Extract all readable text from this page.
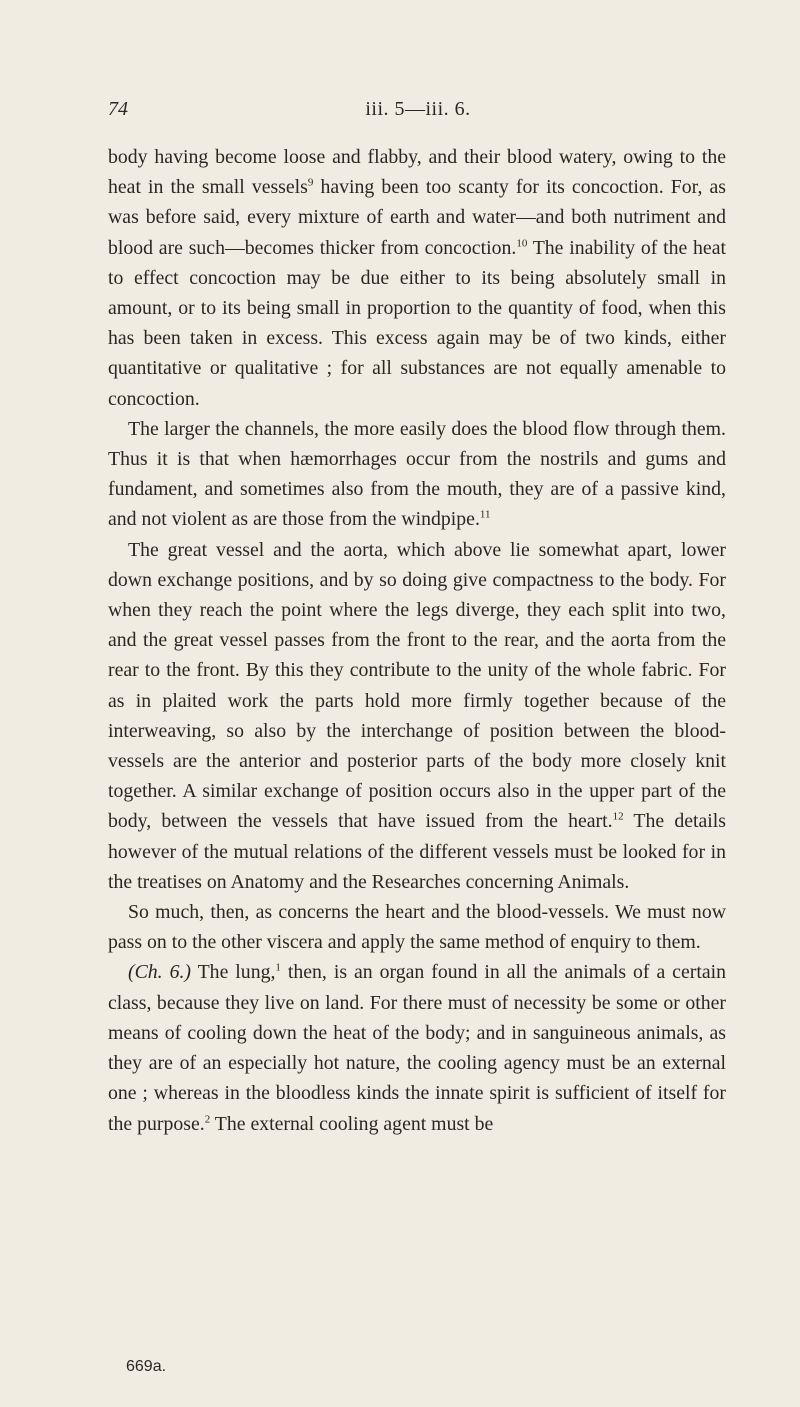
74	iii. 5—iii. 6.

body having become loose and flabby, and their blood watery, owing to the heat in the small vessels$^9$ having been too scanty for its concoction. For, as was before said, every mixture of earth and water—and both nutriment and blood are such—becomes thicker from concoction.$^{10}$ The inability of the heat to effect concoction may be due either to its being absolutely small in amount, or to its being small in proportion to the quantity of food, when this has been taken in excess. This excess again may be of two kinds, either quantitative or qualitative ; for all substances are not equally amenable to concoction.

The larger the channels, the more easily does the blood flow through them. Thus it is that when hæmorrhages occur from the nostrils and gums and fundament, and sometimes also from the mouth, they are of a passive kind, and not violent as are those from the windpipe.$^{11}$

The great vessel and the aorta, which above lie somewhat apart, lower down exchange positions, and by so doing give compactness to the body. For when they reach the point where the legs diverge, they each split into two, and the great vessel passes from the front to the rear, and the aorta from the rear to the front. By this they contribute to the unity of the whole fabric. For as in plaited work the parts hold more firmly together because of the interweaving, so also by the interchange of position between the blood-vessels are the anterior and posterior parts of the body more closely knit together. A similar exchange of position occurs also in the upper part of the body, between the vessels that have issued from the heart.$^{12}$ The details however of the mutual relations of the different vessels must be looked for in the treatises on Anatomy and the Researches concerning Animals.

So much, then, as concerns the heart and the blood-vessels. We must now pass on to the other viscera and apply the same method of enquiry to them.

(Ch. 6.) The lung,$^1$ then, is an organ found in all the animals of a certain class, because they live on land. For there must of necessity be some or other means of cooling down the heat of the body; and in sanguineous animals, as they are of an especially hot nature, the cooling agency must be an external one ; whereas in the bloodless kinds the innate spirit is sufficient of itself for the purpose.$^2$ The external cooling agent must be

669a.
